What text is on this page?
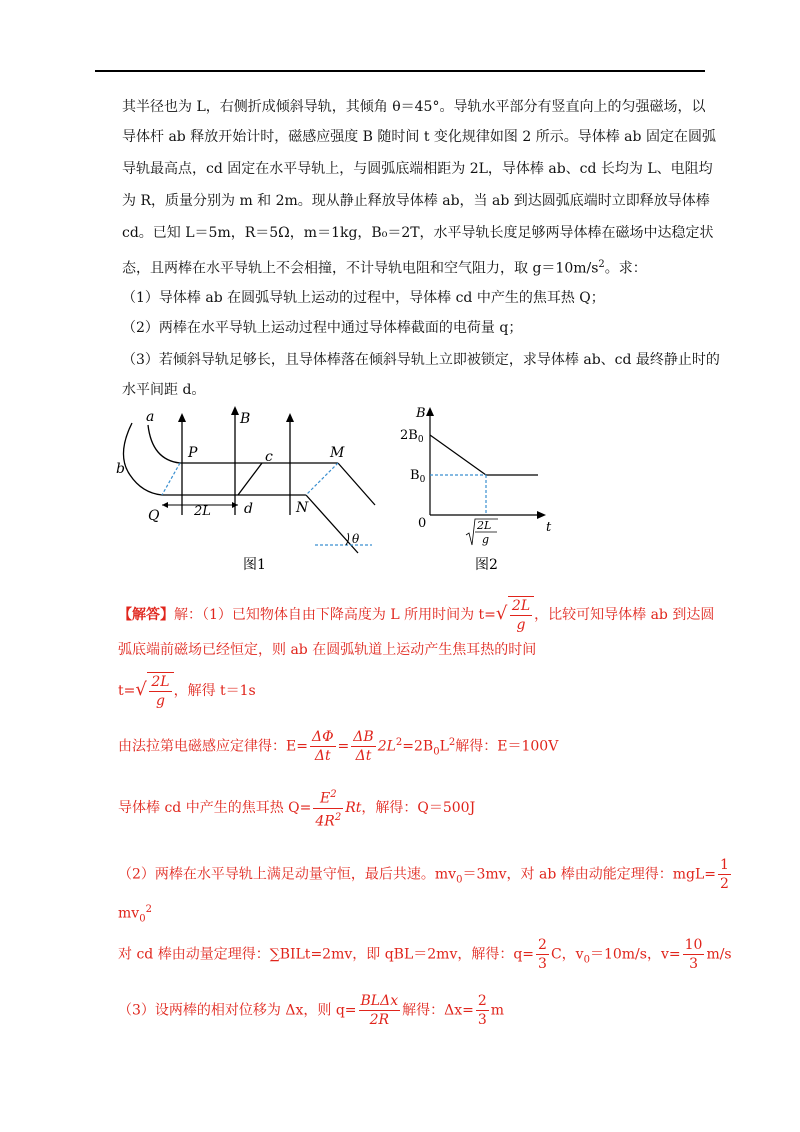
其半径也为 L，右侧折成倾斜导轨，其倾角 θ＝45°。导轨水平部分有竖直向上的匀强磁场，以
导体杆 ab 释放开始计时，磁感应强度 B 随时间 t 变化规律如图 2 所示。导体棒 ab 固定在圆弧
导轨最高点，cd 固定在水平导轨上，与圆弧底端相距为 2L，导体棒 ab、cd 长均为 L、电阻均
为 R，质量分别为 m 和 2m。现从静止释放导体棒 ab，当 ab 到达圆弧底端时立即释放导体棒
cd。已知 L＝5m，R＝5Ω，m＝1kg，B₀＝2T，水平导轨长度足够两导体棒在磁场中达稳定状
态，且两棒在水平导轨上不会相撞，不计导轨电阻和空气阻力，取 $g=10m/s^2$。求：
（1）导体棒 ab 在圆弧导轨上运动的过程中，导体棒 cd 中产生的焦耳热 Q；
（2）两棒在水平导轨上运动过程中通过导体棒截面的电荷量 q；
（3）若倾斜导轨足够长，且导体棒落在倾斜导轨上立即被锁定，求导体棒 ab、cd 最终静止时的
水平间距 d。
a
b
P
Q
B
c
d
M
N
2L
θ
图1
B
$2B_0$
$B_0$
0	t
2L
g
图2
【解答】解：（1）已知物体自由下降高度为 L 所用时间为 t= √ $\frac{2L}{g}$ ，比较可知导体棒 ab 到达圆
弧底端前磁场已经恒定，则 ab 在圆弧轨道上运动产生焦耳热的时间
t= √ $\frac{2L}{g}$ ，解得 t＝1s
由法拉第电磁感应定律得：$E= \frac{\Delta\Phi}{\Delta t} = \frac{\Delta B}{\Delta t} 2L^2=2B_0L^2$解得：E＝100V
导体棒 cd 中产生的焦耳热 $Q= \frac{E^2}{4R^2}$ Rt，解得：Q＝500J
（2）两棒在水平导轨上满足动量守恒，最后共速。$mv_0=3mv$，对 ab 棒由动能定理得：$mgL= \frac{1}{2}$
$mv_0^2$
对 cd 棒由动量定理得：∑BILt=2mv，即 qBL＝2mv，解得：$q= \frac{2}{3}$ C，$v_0=10m/s$，$v= \frac{10}{3} m/s$
（3）设两棒的相对位移为 Δx，则 $q= \frac{\text{BLΔx}}{2R}$ 解得：$\Delta x= \frac{2}{3}$ m
